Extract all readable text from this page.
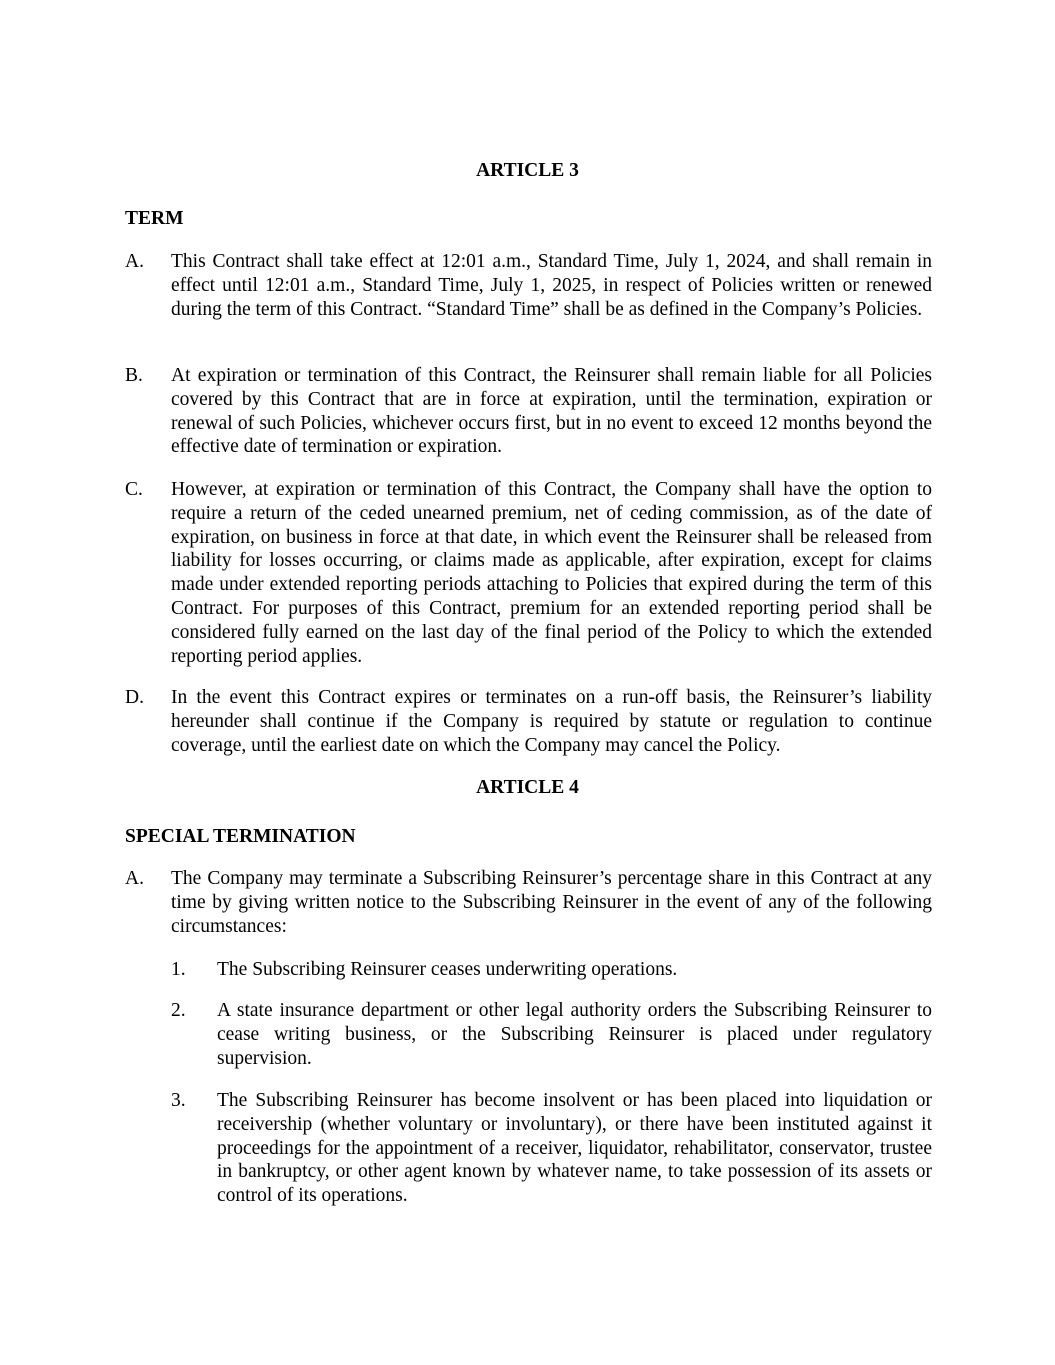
ARTICLE 3
TERM
A. This Contract shall take effect at 12:01 a.m., Standard Time, July 1, 2024, and shall remain in effect until 12:01 a.m., Standard Time, July 1, 2025, in respect of Policies written or renewed during the term of this Contract. “Standard Time” shall be as defined in the Company’s Policies.

B. At expiration or termination of this Contract, the Reinsurer shall remain liable for all Policies covered by this Contract that are in force at expiration, until the termination, expiration or renewal of such Policies, whichever occurs first, but in no event to exceed 12 months beyond the effective date of termination or expiration.

C. However, at expiration or termination of this Contract, the Company shall have the option to require a return of the ceded unearned premium, net of ceding commission, as of the date of expiration, on business in force at that date, in which event the Reinsurer shall be released from liability for losses occurring, or claims made as applicable, after expiration, except for claims made under extended reporting periods attaching to Policies that expired during the term of this Contract. For purposes of this Contract, premium for an extended reporting period shall be considered fully earned on the last day of the final period of the Policy to which the extended reporting period applies.

D. In the event this Contract expires or terminates on a run-off basis, the Reinsurer’s liability hereunder shall continue if the Company is required by statute or regulation to continue coverage, until the earliest date on which the Company may cancel the Policy.

ARTICLE 4
SPECIAL TERMINATION
A. The Company may terminate a Subscribing Reinsurer’s percentage share in this Contract at any time by giving written notice to the Subscribing Reinsurer in the event of any of the following circumstances:

1. The Subscribing Reinsurer ceases underwriting operations.

2. A state insurance department or other legal authority orders the Subscribing Reinsurer to cease writing business, or the Subscribing Reinsurer is placed under regulatory supervision.

3. The Subscribing Reinsurer has become insolvent or has been placed into liquidation or receivership (whether voluntary or involuntary), or there have been instituted against it proceedings for the appointment of a receiver, liquidator, rehabilitator, conservator, trustee in bankruptcy, or other agent known by whatever name, to take possession of its assets or control of its operations.
